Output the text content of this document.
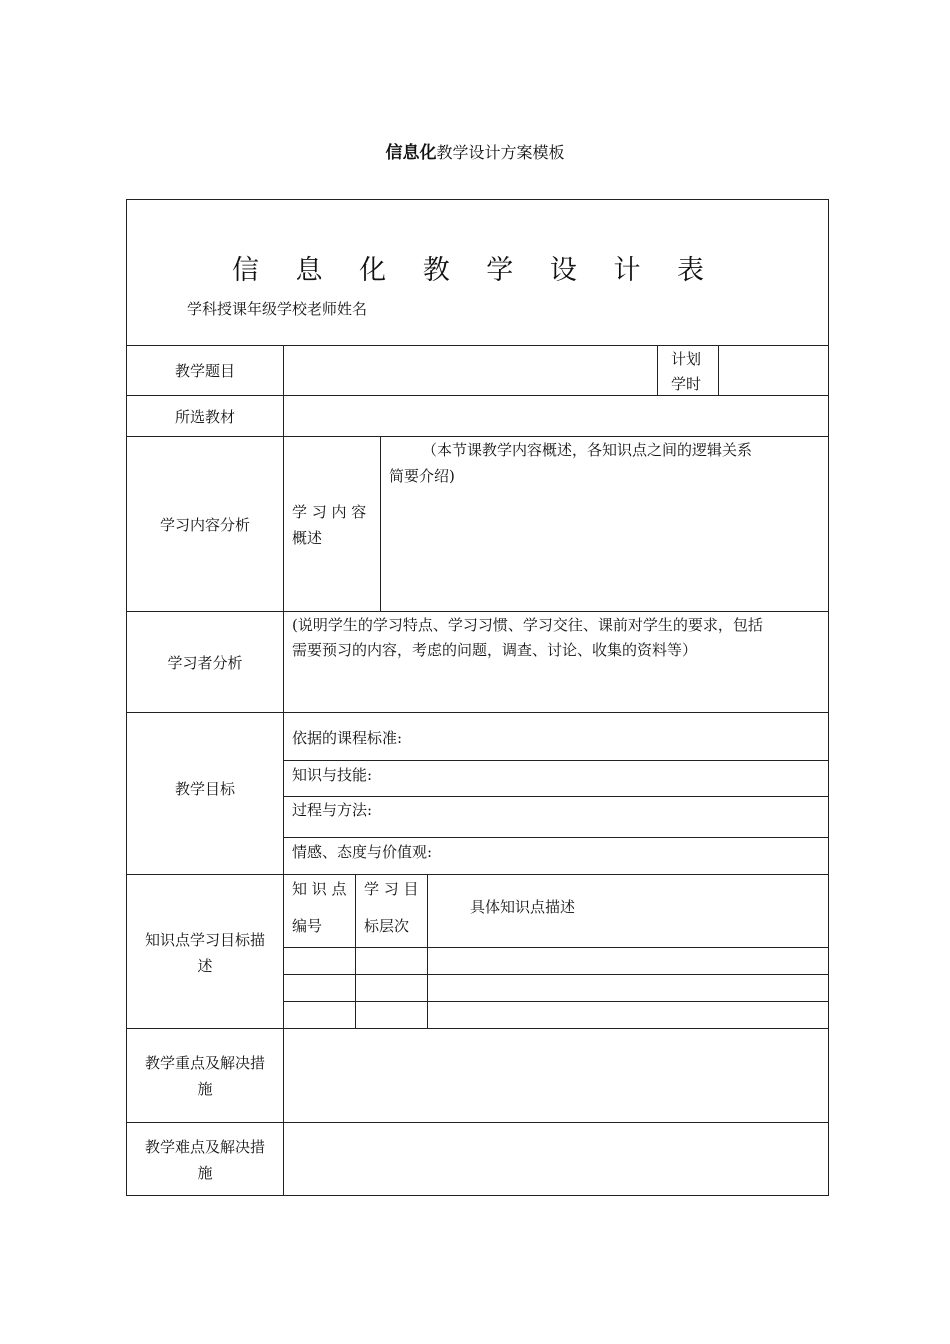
信息化教学设计方案模板
信 息 化 教 学 设 计 表
学科授课年级学校老师姓名
教学题目
计划
学时
所选教材
学习内容分析
学 习 内 容
概述
（本节课教学内容概述，各知识点之间的逻辑关系
简要介绍)
学习者分析
(说明学生的学习特点、学习习惯、学习交往、课前对学生的要求，包括
需要预习的内容，考虑的问题，调查、讨论、收集的资料等）
教学目标
依据的课程标准:
知识与技能:
过程与方法:
情感、态度与价值观:
知识点学习目标描
述
知 识 点
编号
学 习 目
标层次
具体知识点描述
教学重点及解决措
施
教学难点及解决措
施
